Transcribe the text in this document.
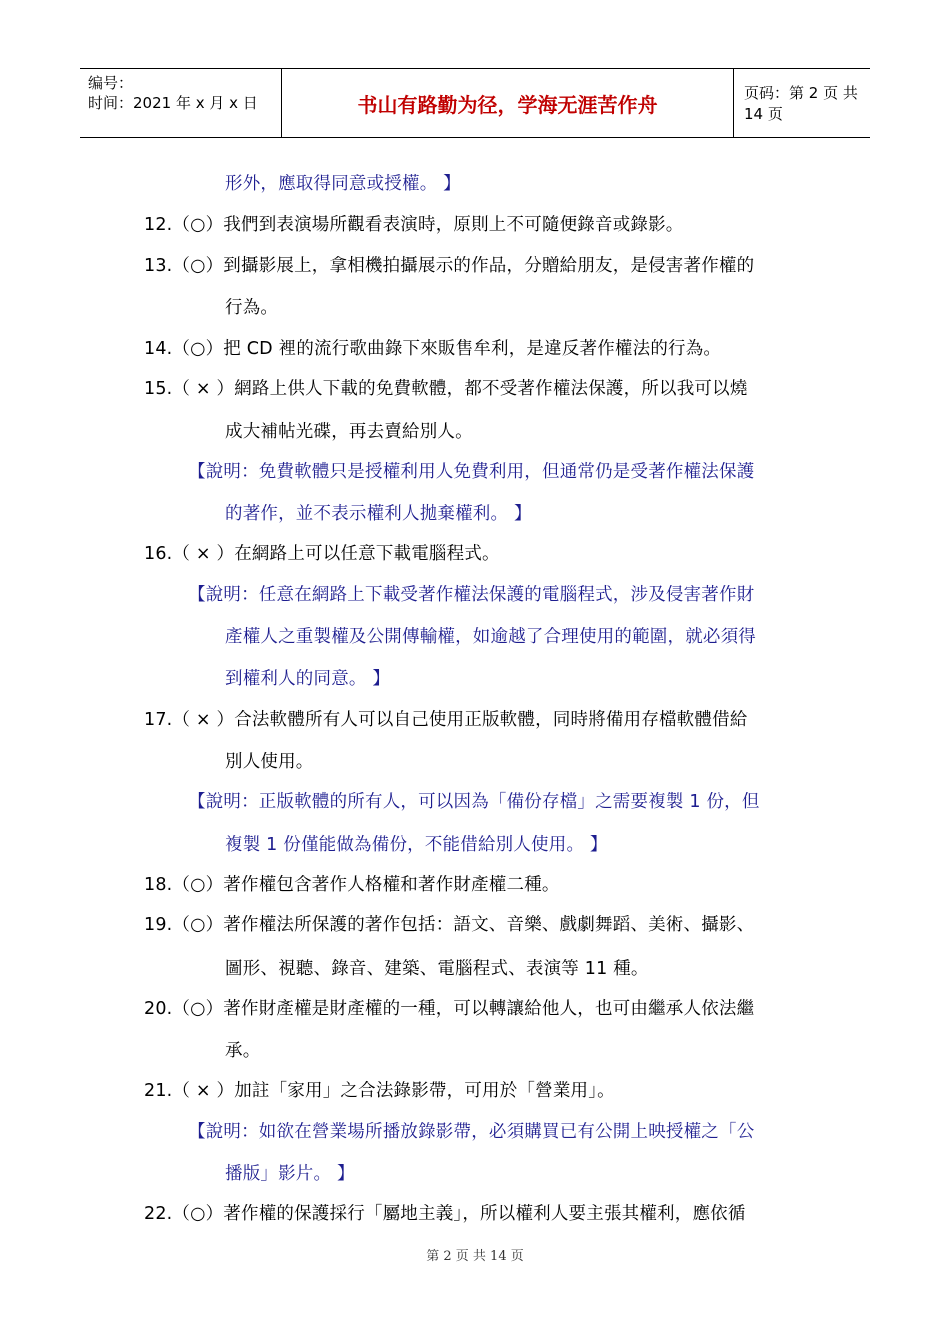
编号：
时间：2021 年 x 月 x 日	书山有路勤为径，学海无涯苦作舟	页码：第 2 页 共 14 页
形外，應取得同意或授權。 】
12.（○）我們到表演場所觀看表演時，原則上不可隨便錄音或錄影。
13.（○）到攝影展上，拿相機拍攝展示的作品，分贈給朋友，是侵害著作權的
行為。
14.（○）把 CD 裡的流行歌曲錄下來販售牟利，是違反著作權法的行為。
15.（ × ）網路上供人下載的免費軟體，都不受著作權法保護，所以我可以燒
成大補帖光碟，再去賣給別人。
【說明：免費軟體只是授權利用人免費利用，但通常仍是受著作權法保護
的著作，並不表示權利人拋棄權利。 】
16.（ × ）在網路上可以任意下載電腦程式。
【說明：任意在網路上下載受著作權法保護的電腦程式，涉及侵害著作財
產權人之重製權及公開傳輸權，如逾越了合理使用的範圍，就必須得
到權利人的同意。 】
17.（ × ）合法軟體所有人可以自己使用正版軟體，同時將備用存檔軟體借給
別人使用。
【說明：正版軟體的所有人，可以因為「備份存檔」之需要複製 1 份，但
複製 1 份僅能做為備份，不能借給別人使用。 】
18.（○）著作權包含著作人格權和著作財產權二種。
19.（○）著作權法所保護的著作包括：語文、音樂、戲劇舞蹈、美術、攝影、
圖形、視聽、錄音、建築、電腦程式、表演等 11 種。
20.（○）著作財產權是財產權的一種，可以轉讓給他人，也可由繼承人依法繼
承。
21.（ × ）加註「家用」之合法錄影帶，可用於「營業用」。
【說明：如欲在營業場所播放錄影帶，必須購買已有公開上映授權之「公
播版」影片。 】
22.（○）著作權的保護採行「屬地主義」，所以權利人要主張其權利，應依循
第 2 页 共 14 页
